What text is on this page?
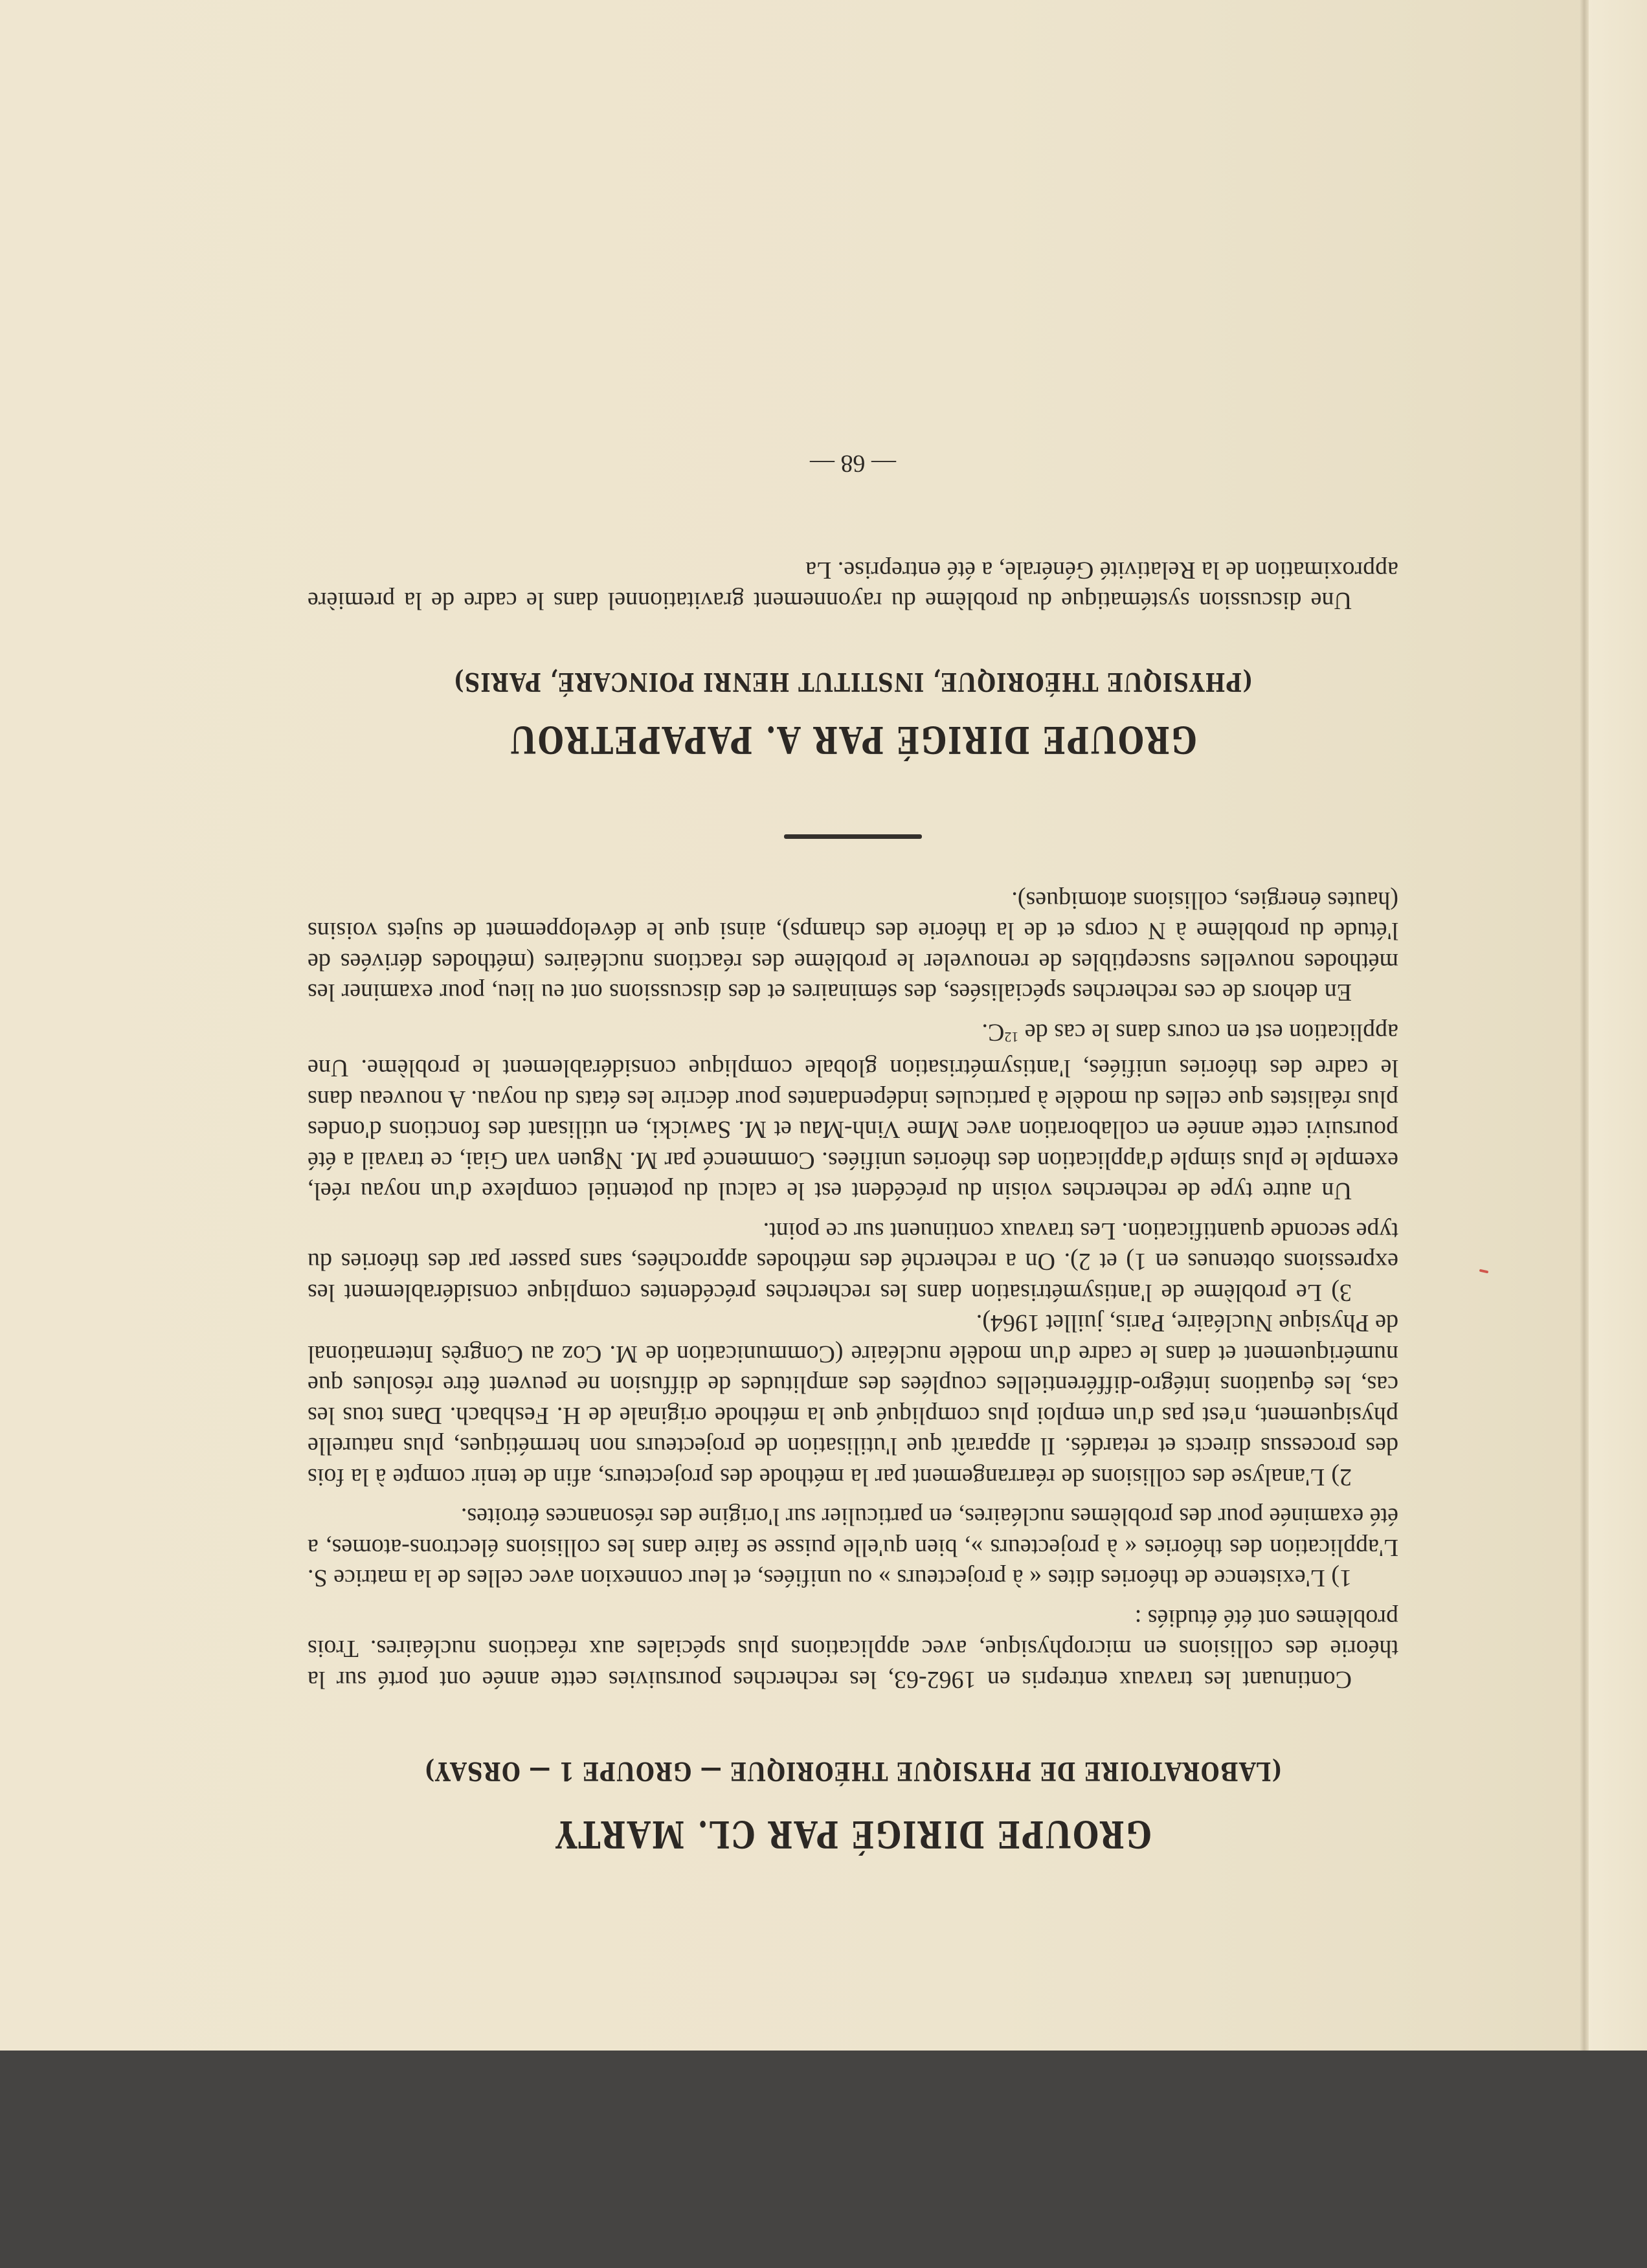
GROUPE DIRIGÉ PAR CL. MARTY
(LABORATOIRE DE PHYSIQUE THÉORIQUE — GROUPE 1 — ORSAY)

Continuant les travaux entrepris en 1962-63, les recherches poursuivies cette année ont porté sur la théorie des collisions en microphysique, avec applications plus spéciales aux réactions nucléaires. Trois problèmes ont été étudiés :

1) L'existence de théories dites « à projecteurs » ou unifiées, et leur connexion avec celles de la matrice S. L'application des théories « à projecteurs », bien qu'elle puisse se faire dans les collisions électrons-atomes, a été examinée pour des problèmes nucléaires, en particulier sur l'origine des résonances étroites.

2) L'analyse des collisions de réarrangement par la méthode des projecteurs, afin de tenir compte à la fois des processus directs et retardés. Il apparaît que l'utilisation de projecteurs non hermétiques, plus naturelle physiquement, n'est pas d'un emploi plus compliqué que la méthode originale de H. Feshbach. Dans tous les cas, les équations intégro-différentielles couplées des amplitudes de diffusion ne peuvent être résolues que numériquement et dans le cadre d'un modèle nucléaire (Communication de M. Coz au Congrès International de Physique Nucléaire, Paris, juillet 1964).

3) Le problème de l'antisymétrisation dans les recherches précédentes complique considérablement les expressions obtenues en 1) et 2). On a recherché des méthodes approchées, sans passer par des théories du type seconde quantification. Les travaux continuent sur ce point.

Un autre type de recherches voisin du précédent est le calcul du potentiel complexe d'un noyau réel, exemple le plus simple d'application des théories unifiées. Commencé par M. Nguen van Giai, ce travail a été poursuivi cette année en collaboration avec Mme Vinh-Mau et M. Sawicki, en utilisant des fonctions d'ondes plus réalistes que celles du modèle à particules indépendantes pour décrire les états du noyau. A nouveau dans le cadre des théories unifiées, l'antisymétrisation globale complique considérablement le problème. Une application est en cours dans le cas de $^{12}$C.

En dehors de ces recherches spécialisées, des séminaires et des discussions ont eu lieu, pour examiner les méthodes nouvelles susceptibles de renouveler le problème des réactions nucléaires (méthodes dérivées de l'étude du problème à N corps et de la théorie des champs), ainsi que le développement de sujets voisins (hautes énergies, collisions atomiques).

GROUPE DIRIGÉ PAR A. PAPAPETROU
(PHYSIQUE THÉORIQUE, INSTITUT HENRI POINCARÉ, PARIS)

Une discussion systématique du problème du rayonnement gravitationnel dans le cadre de la première approximation de la Relativité Générale, a été entreprise. La

— 68 —
